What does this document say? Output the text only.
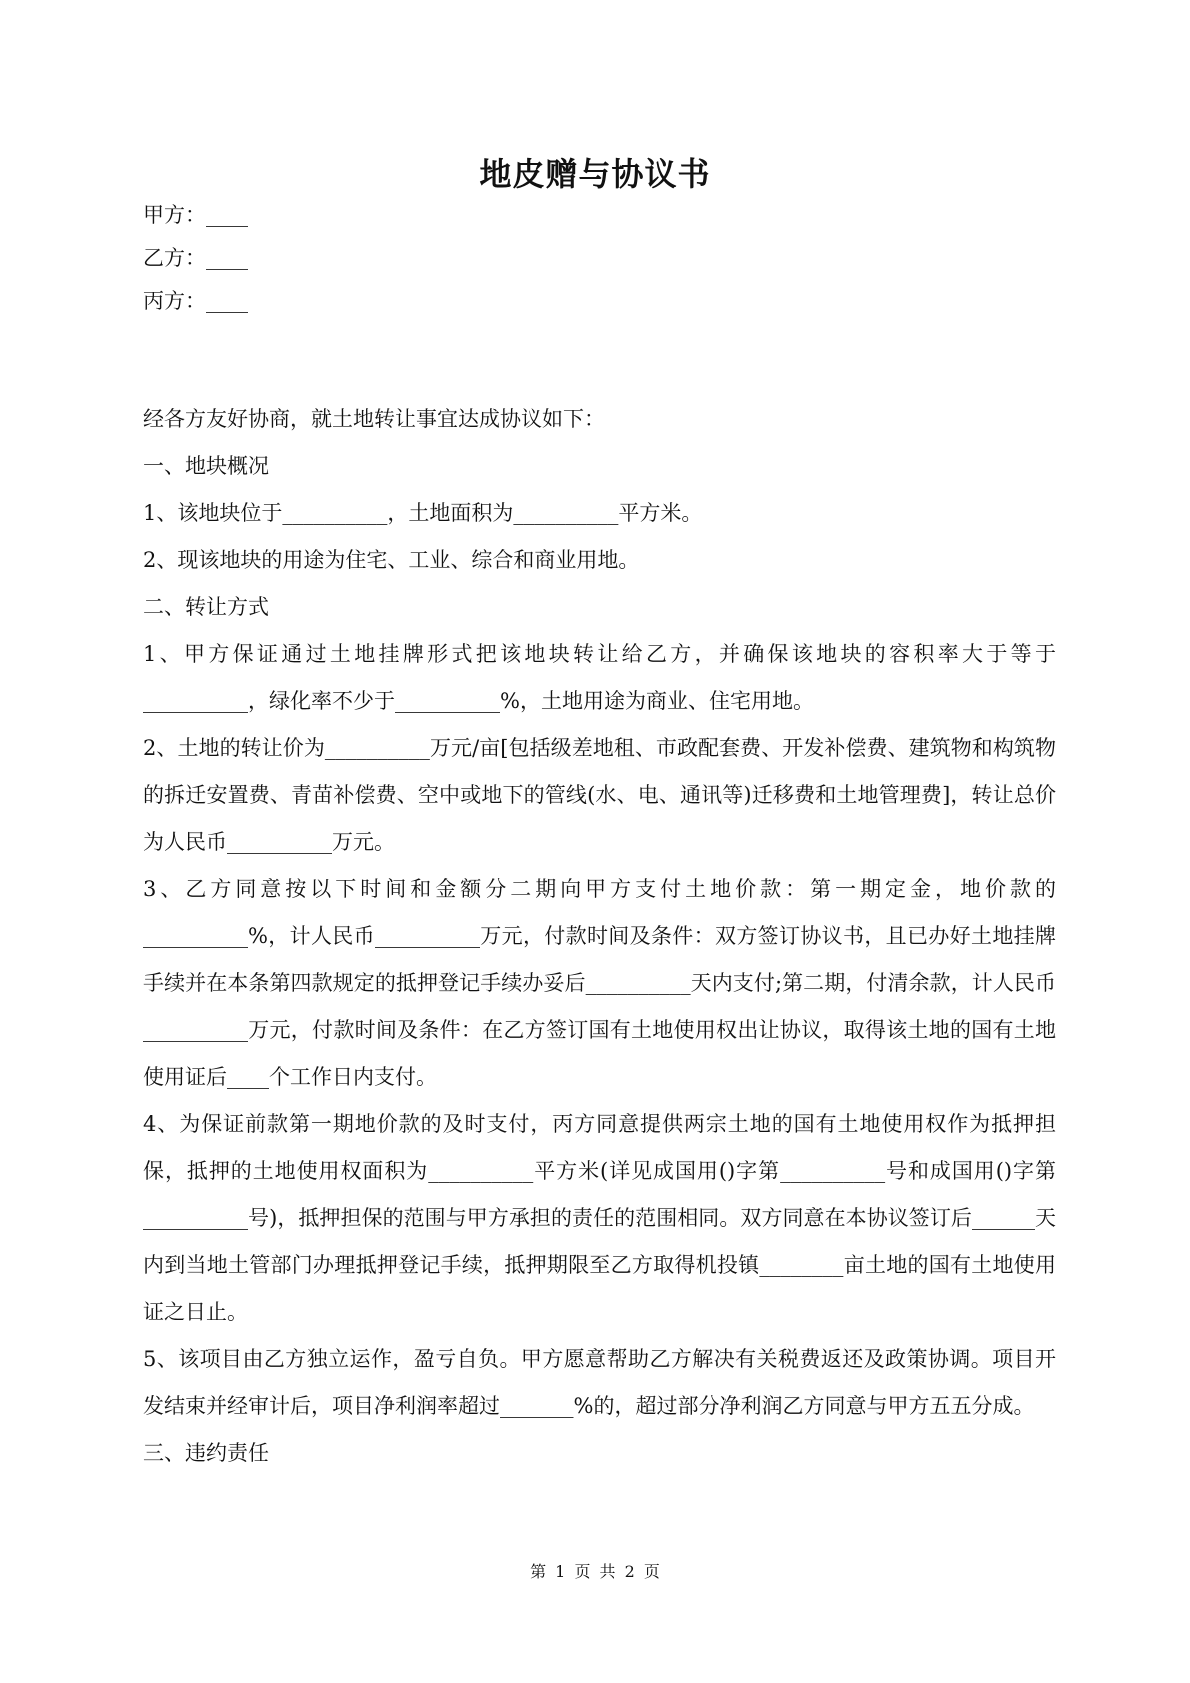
地皮赠与协议书
甲方：____
乙方：____
丙方：____

经各方友好协商，就土地转让事宜达成协议如下：

一、地块概况

1、该地块位于__________，土地面积为__________平方米。

2、现该地块的用途为住宅、工业、综合和商业用地。

二、转让方式

1、甲方保证通过土地挂牌形式把该地块转让给乙方，并确保该地块的容积率大于等于__________，绿化率不少于__________%，土地用途为商业、住宅用地。

2、土地的转让价为__________万元/亩[包括级差地租、市政配套费、开发补偿费、建筑物和构筑物的拆迁安置费、青苗补偿费、空中或地下的管线(水、电、通讯等)迁移费和土地管理费]，转让总价为人民币__________万元。

3、乙方同意按以下时间和金额分二期向甲方支付土地价款：第一期定金，地价款的__________%，计人民币__________万元，付款时间及条件：双方签订协议书，且已办好土地挂牌手续并在本条第四款规定的抵押登记手续办妥后__________天内支付;第二期，付清余款，计人民币__________万元，付款时间及条件：在乙方签订国有土地使用权出让协议，取得该土地的国有土地使用证后____个工作日内支付。

4、为保证前款第一期地价款的及时支付，丙方同意提供两宗土地的国有土地使用权作为抵押担保，抵押的土地使用权面积为__________平方米(详见成国用()字第__________号和成国用()字第__________号)，抵押担保的范围与甲方承担的责任的范围相同。双方同意在本协议签订后______天内到当地土管部门办理抵押登记手续，抵押期限至乙方取得机投镇________亩土地的国有土地使用证之日止。

5、该项目由乙方独立运作，盈亏自负。甲方愿意帮助乙方解决有关税费返还及政策协调。项目开发结束并经审计后，项目净利润率超过_______%的，超过部分净利润乙方同意与甲方五五分成。

三、违约责任

第 1 页 共 2 页
